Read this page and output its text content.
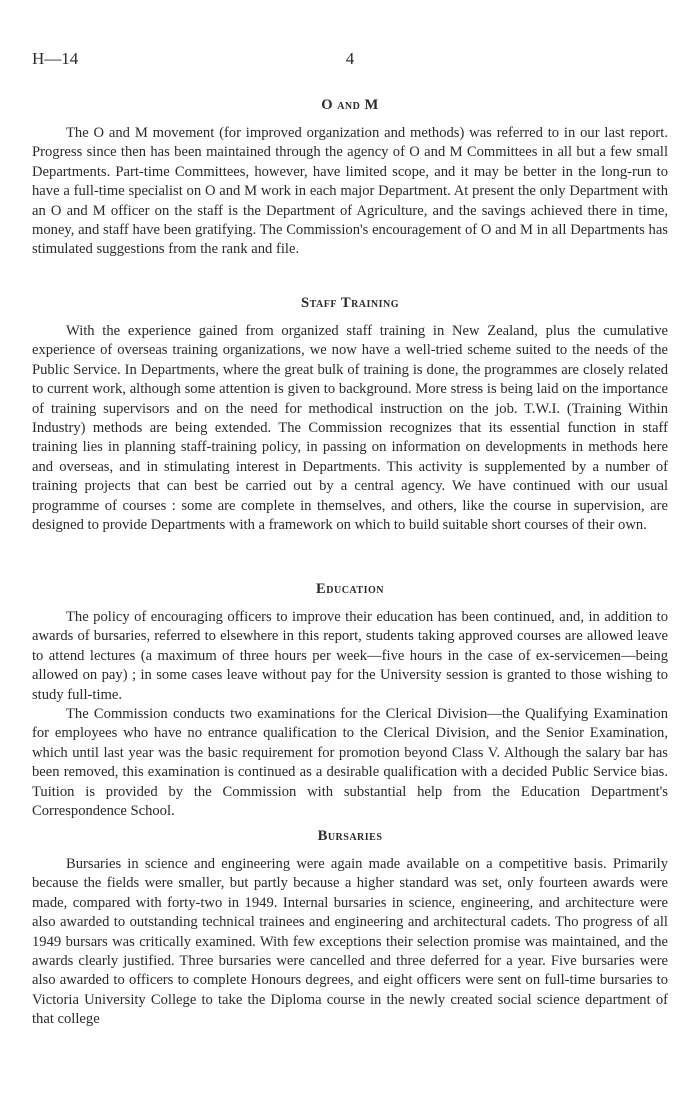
H—14	4
O and M

The O and M movement (for improved organization and methods) was referred to in our last report. Progress since then has been maintained through the agency of O and M Committees in all but a few small Departments. Part-time Committees, however, have limited scope, and it may be better in the long-run to have a full-time specialist on O and M work in each major Department. At present the only Department with an O and M officer on the staff is the Department of Agriculture, and the savings achieved there in time, money, and staff have been gratifying. The Commission's encouragement of O and M in all Departments has stimulated suggestions from the rank and file.

Staff Training

With the experience gained from organized staff training in New Zealand, plus the cumulative experience of overseas training organizations, we now have a well-tried scheme suited to the needs of the Public Service. In Departments, where the great bulk of training is done, the programmes are closely related to current work, although some attention is given to background. More stress is being laid on the importance of training supervisors and on the need for methodical instruction on the job. T.W.I. (Training Within Industry) methods are being extended. The Commission recognizes that its essential function in staff training lies in planning staff-training policy, in passing on information on developments in methods here and overseas, and in stimulating interest in Departments. This activity is supplemented by a number of training projects that can best be carried out by a central agency. We have continued with our usual programme of courses : some are complete in themselves, and others, like the course in supervision, are designed to provide Departments with a framework on which to build suitable short courses of their own.

Education

The policy of encouraging officers to improve their education has been continued, and, in addition to awards of bursaries, referred to elsewhere in this report, students taking approved courses are allowed leave to attend lectures (a maximum of three hours per week—five hours in the case of ex-servicemen—being allowed on pay) ; in some cases leave without pay for the University session is granted to those wishing to study full-time.

The Commission conducts two examinations for the Clerical Division—the Qualifying Examination for employees who have no entrance qualification to the Clerical Division, and the Senior Examination, which until last year was the basic requirement for promotion beyond Class V. Although the salary bar has been removed, this examination is continued as a desirable qualification with a decided Public Service bias. Tuition is provided by the Commission with substantial help from the Education Department's Correspondence School.

Bursaries

Bursaries in science and engineering were again made available on a competitive basis. Primarily because the fields were smaller, but partly because a higher standard was set, only fourteen awards were made, compared with forty-two in 1949. Internal bursaries in science, engineering, and architecture were also awarded to outstanding technical trainees and engineering and architectural cadets. Tho progress of all 1949 bursars was critically examined. With few exceptions their selection promise was maintained, and the awards clearly justified. Three bursaries were cancelled and three deferred for a year. Five bursaries were also awarded to officers to complete Honours degrees, and eight officers were sent on full-time bursaries to Victoria University College to take the Diploma course in the newly created social science department of that college
